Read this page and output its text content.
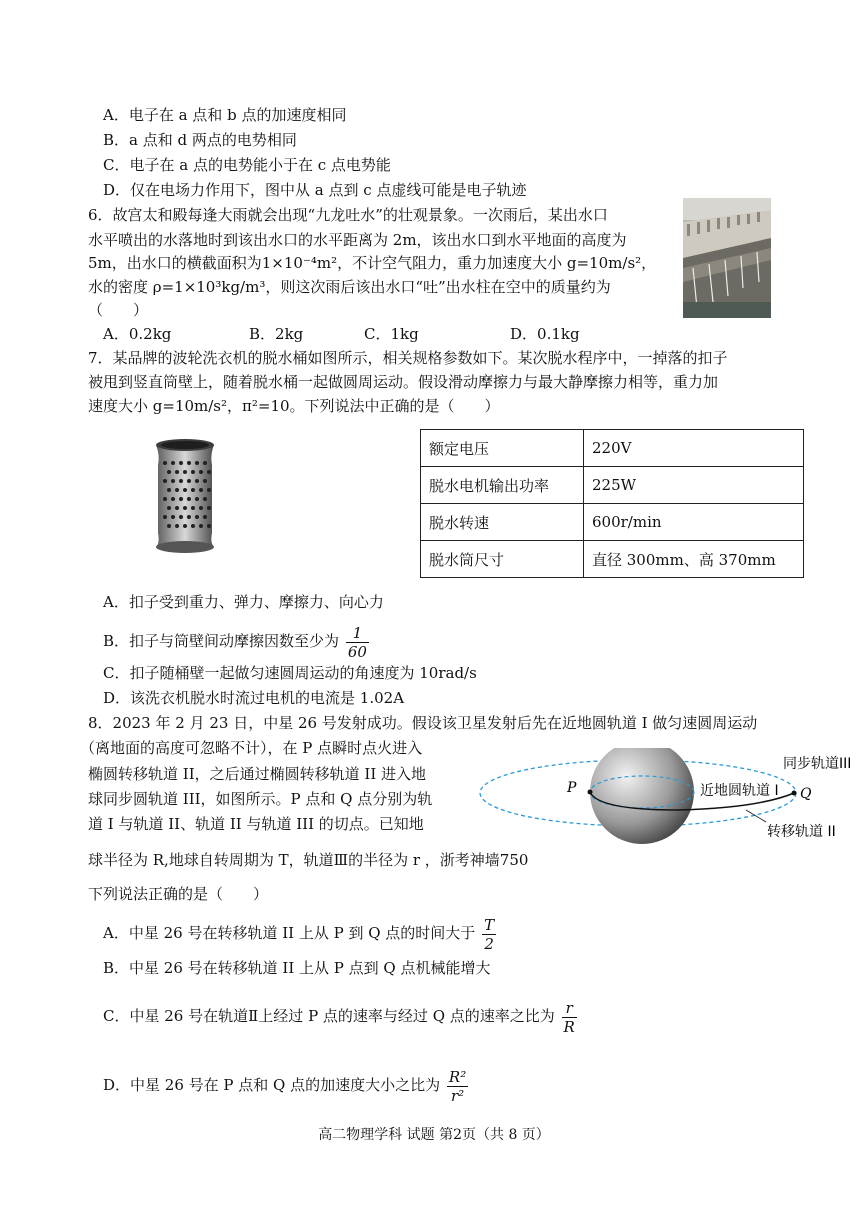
A．电子在 a 点和 b 点的加速度相同
B．a 点和 d 两点的电势相同
C．电子在 a 点的电势能小于在 c 点电势能
D．仅在电场力作用下，图中从 a 点到 c 点虚线可能是电子轨迹
6．故宫太和殿每逢大雨就会出现“九龙吐水”的壮观景象。一次雨后，某出水口
水平喷出的水落地时到该出水口的水平距离为 2m，该出水口到水平地面的高度为
5m，出水口的横截面积为1×10⁻⁴m²，不计空气阻力，重力加速度大小 g=10m/s²，
水的密度 ρ=1×10³kg/m³，则这次雨后该出水口“吐”出水柱在空中的质量约为
（　　）
A．0.2kg	B．2kg	C．1kg	D．0.1kg
7．某品牌的波轮洗衣机的脱水桶如图所示，相关规格参数如下。某次脱水程序中，一掉落的扣子
被甩到竖直筒壁上，随着脱水桶一起做圆周运动。假设滑动摩擦力与最大静摩擦力相等，重力加
速度大小 g=10m/s²，π²=10。下列说法中正确的是（　　）
额定电压	220V
脱水电机输出功率	225W
脱水转速	600r/min
脱水筒尺寸	直径 300mm、高 370mm
A．扣子受到重力、弹力、摩擦力、向心力
B．扣子与筒壁间动摩擦因数至少为 $\frac{1}{60}$
C．扣子随桶壁一起做匀速圆周运动的角速度为 10rad/s
D．该洗衣机脱水时流过电机的电流是 1.02A
8．2023 年 2 月 23 日，中星 26 号发射成功。假设该卫星发射后先在近地圆轨道 I 做匀速圆周运动
（离地面的高度可忽略不计），在 P 点瞬时点火进入
椭圆转移轨道 II，之后通过椭圆转移轨道 II 进入地
球同步圆轨道 III，如图所示。P 点和 Q 点分别为轨
道 I 与轨道 II、轨道 II 与轨道 III 的切点。已知地
球半径为 R,地球自转周期为 T，轨道Ⅲ的半径为 r ，浙考神墙750
下列说法正确的是（　　）
P	Q
近地圆轨道 I
同步轨道III
转移轨道 II
A．中星 26 号在转移轨道 II 上从 P 到 Q 点的时间大于 $\frac{T}{2}$
B．中星 26 号在转移轨道 II 上从 P 点到 Q 点机械能增大
C．中星 26 号在轨道Ⅱ上经过 P 点的速率与经过 Q 点的速率之比为 $\frac{r}{R}$
D．中星 26 号在 P 点和 Q 点的加速度大小之比为 $\frac{\text{R²}}{\text{r²}}$
高二物理学科 试题 第2页（共 8 页）
